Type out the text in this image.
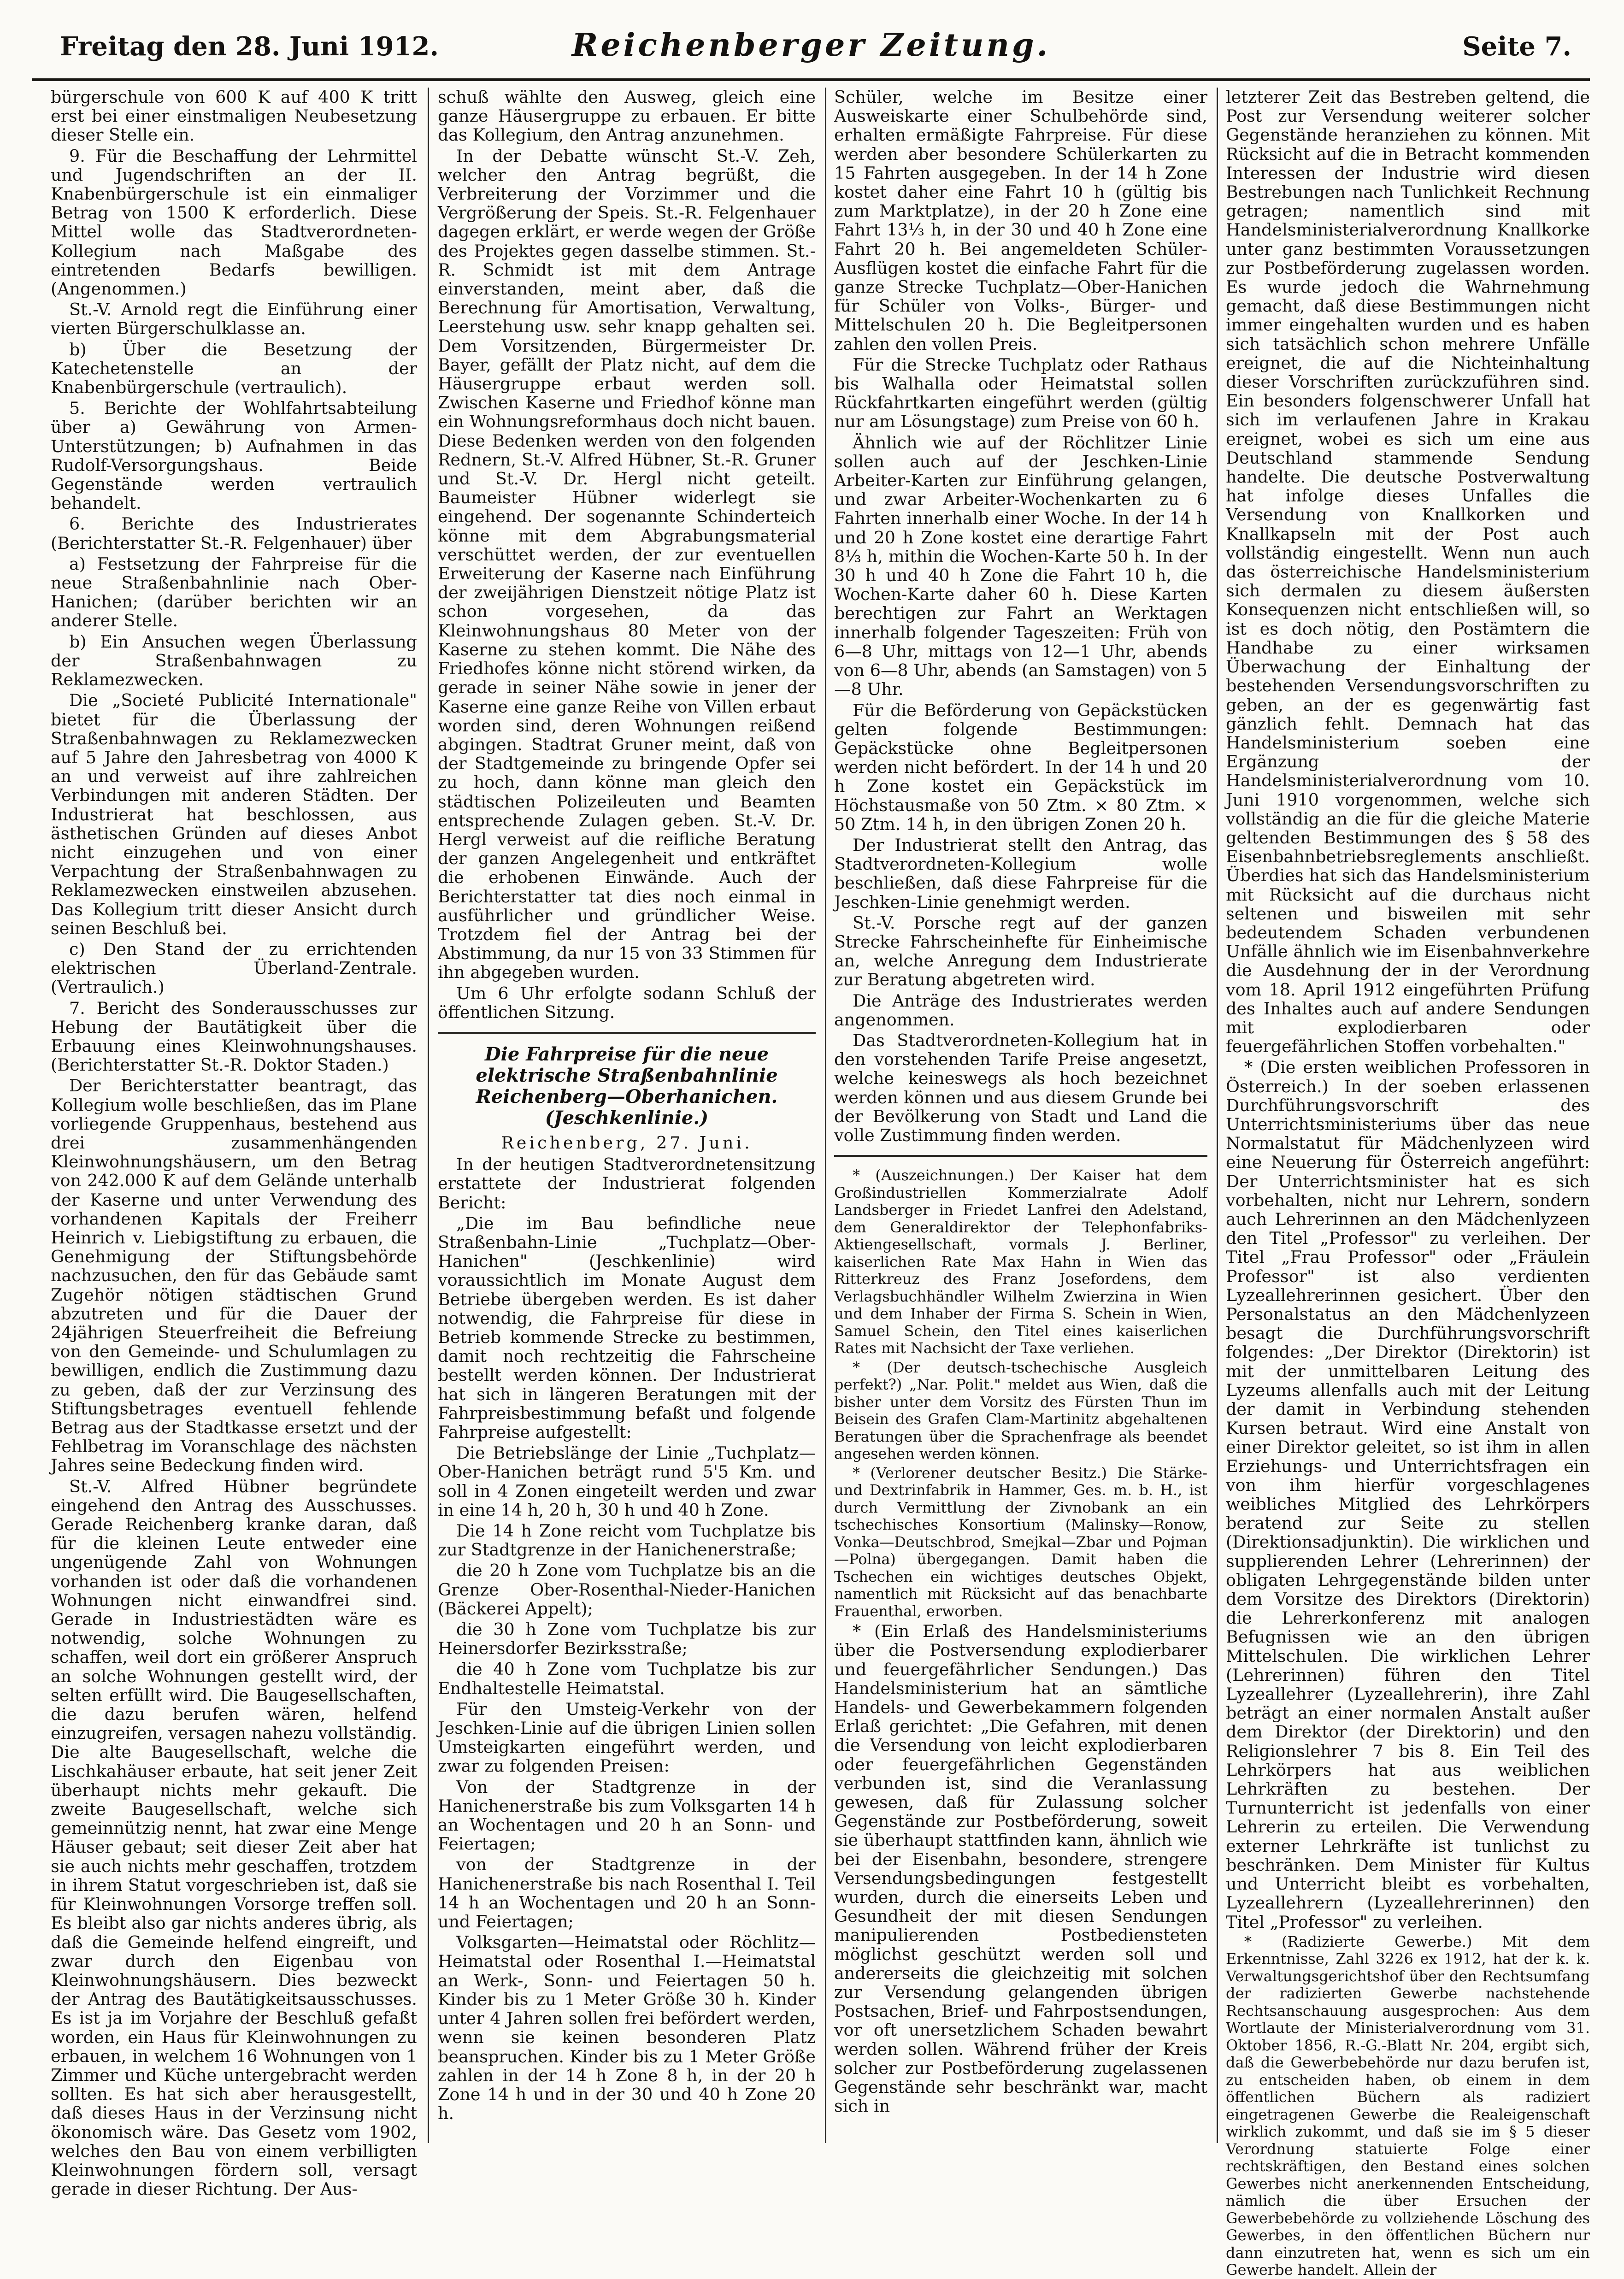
Freitag den 28. Juni 1912.	Reichenberger Zeitung.	Seite 7.

bürgerschule von 600 K auf 400 K tritt erst bei einer einstmaligen Neubesetzung dieser Stelle ein.

9. Für die Beschaffung der Lehrmittel und Jugendschriften an der II. Knabenbürgerschule ist ein einmaliger Betrag von 1500 K erforderlich. Diese Mittel wolle das Stadtverordneten-Kollegium nach Maßgabe des eintretenden Bedarfs bewilligen. (Angenommen.)

St.-V. Arnold regt die Einführung einer vierten Bürgerschulklasse an.

b) Über die Besetzung der Katechetenstelle an der Knabenbürgerschule (vertraulich).

5. Berichte der Wohlfahrtsabteilung über a) Gewährung von Armen-Unterstützungen; b) Aufnahmen in das Rudolf-Versorgungshaus. Beide Gegenstände werden vertraulich behandelt.

6. Berichte des Industrierates (Berichterstatter St.-R. Felgenhauer) über

a) Festsetzung der Fahrpreise für die neue Straßenbahnlinie nach Ober-Hanichen; (darüber berichten wir an anderer Stelle.

b) Ein Ansuchen wegen Überlassung der Straßenbahnwagen zu Reklamezwecken.

Die „Societé Publicité Internationale" bietet für die Überlassung der Straßenbahnwagen zu Reklamezwecken auf 5 Jahre den Jahresbetrag von 4000 K an und verweist auf ihre zahlreichen Verbindungen mit anderen Städten. Der Industrierat hat beschlossen, aus ästhetischen Gründen auf dieses Anbot nicht einzugehen und von einer Verpachtung der Straßenbahnwagen zu Reklamezwecken einstweilen abzusehen. Das Kollegium tritt dieser Ansicht durch seinen Beschluß bei.

c) Den Stand der zu errichtenden elektrischen Überland-Zentrale. (Vertraulich.)

7. Bericht des Sonderausschusses zur Hebung der Bautätigkeit über die Erbauung eines Kleinwohnungshauses. (Berichterstatter St.-R. Doktor Staden.)

Der Berichterstatter beantragt, das Kollegium wolle beschließen, das im Plane vorliegende Gruppenhaus, bestehend aus drei zusammenhängenden Kleinwohnungshäusern, um den Betrag von 242.000 K auf dem Gelände unterhalb der Kaserne und unter Verwendung des vorhandenen Kapitals der Freiherr Heinrich v. Liebigstiftung zu erbauen, die Genehmigung der Stiftungsbehörde nachzusuchen, den für das Gebäude samt Zugehör nötigen städtischen Grund abzutreten und für die Dauer der 24jährigen Steuerfreiheit die Befreiung von den Gemeinde- und Schulumlagen zu bewilligen, endlich die Zustimmung dazu zu geben, daß der zur Verzinsung des Stiftungsbetrages eventuell fehlende Betrag aus der Stadtkasse ersetzt und der Fehlbetrag im Voranschlage des nächsten Jahres seine Bedeckung finden wird.

St.-V. Alfred Hübner begründete eingehend den Antrag des Ausschusses. Gerade Reichenberg kranke daran, daß für die kleinen Leute entweder eine ungenügende Zahl von Wohnungen vorhanden ist oder daß die vorhandenen Wohnungen nicht einwandfrei sind. Gerade in Industriestädten wäre es notwendig, solche Wohnungen zu schaffen, weil dort ein größerer Anspruch an solche Wohnungen gestellt wird, der selten erfüllt wird. Die Baugesellschaften, die dazu berufen wären, helfend einzugreifen, versagen nahezu vollständig. Die alte Baugesellschaft, welche die Lischkahäuser erbaute, hat seit jener Zeit überhaupt nichts mehr gekauft. Die zweite Baugesellschaft, welche sich gemeinnützig nennt, hat zwar eine Menge Häuser gebaut; seit dieser Zeit aber hat sie auch nichts mehr geschaffen, trotzdem in ihrem Statut vorgeschrieben ist, daß sie für Kleinwohnungen Vorsorge treffen soll. Es bleibt also gar nichts anderes übrig, als daß die Gemeinde helfend eingreift, und zwar durch den Eigenbau von Kleinwohnungshäusern. Dies bezweckt der Antrag des Bautätigkeitsausschusses. Es ist ja im Vorjahre der Beschluß gefaßt worden, ein Haus für Kleinwohnungen zu erbauen, in welchem 16 Wohnungen von 1 Zimmer und Küche untergebracht werden sollten. Es hat sich aber herausgestellt, daß dieses Haus in der Verzinsung nicht ökonomisch wäre. Das Gesetz vom 1902, welches den Bau von einem verbilligten Kleinwohnungen fördern soll, versagt gerade in dieser Richtung. Der Aus-

schuß wählte den Ausweg, gleich eine ganze Häusergruppe zu erbauen. Er bitte das Kollegium, den Antrag anzunehmen.

In der Debatte wünscht St.-V. Zeh, welcher den Antrag begrüßt, die Verbreiterung der Vorzimmer und die Vergrößerung der Speis. St.-R. Felgenhauer dagegen erklärt, er werde wegen der Größe des Projektes gegen dasselbe stimmen. St.-R. Schmidt ist mit dem Antrage einverstanden, meint aber, daß die Berechnung für Amortisation, Verwaltung, Leerstehung usw. sehr knapp gehalten sei. Dem Vorsitzenden, Bürgermeister Dr. Bayer, gefällt der Platz nicht, auf dem die Häusergruppe erbaut werden soll. Zwischen Kaserne und Friedhof könne man ein Wohnungsreformhaus doch nicht bauen. Diese Bedenken werden von den folgenden Rednern, St.-V. Alfred Hübner, St.-R. Gruner und St.-V. Dr. Hergl nicht geteilt. Baumeister Hübner widerlegt sie eingehend. Der sogenannte Schinderteich könne mit dem Abgrabungsmaterial verschüttet werden, der zur eventuellen Erweiterung der Kaserne nach Einführung der zweijährigen Dienstzeit nötige Platz ist schon vorgesehen, da das Kleinwohnungshaus 80 Meter von der Kaserne zu stehen kommt. Die Nähe des Friedhofes könne nicht störend wirken, da gerade in seiner Nähe sowie in jener der Kaserne eine ganze Reihe von Villen erbaut worden sind, deren Wohnungen reißend abgingen. Stadtrat Gruner meint, daß von der Stadtgemeinde zu bringende Opfer sei zu hoch, dann könne man gleich den städtischen Polizeileuten und Beamten entsprechende Zulagen geben. St.-V. Dr. Hergl verweist auf die reifliche Beratung der ganzen Angelegenheit und entkräftet die erhobenen Einwände. Auch der Berichterstatter tat dies noch einmal in ausführlicher und gründlicher Weise. Trotzdem fiel der Antrag bei der Abstimmung, da nur 15 von 33 Stimmen für ihn abgegeben wurden.

Um 6 Uhr erfolgte sodann Schluß der öffentlichen Sitzung.

Die Fahrpreise für die neue elektrische Straßenbahnlinie Reichenberg—Oberhanichen. (Jeschkenlinie.)

Reichenberg, 27. Juni.

In der heutigen Stadtverordnetensitzung erstattete der Industrierat folgenden Bericht:

„Die im Bau befindliche neue Straßenbahn-Linie „Tuchplatz—Ober-Hanichen" (Jeschkenlinie) wird voraussichtlich im Monate August dem Betriebe übergeben werden. Es ist daher notwendig, die Fahrpreise für diese in Betrieb kommende Strecke zu bestimmen, damit noch rechtzeitig die Fahrscheine bestellt werden können. Der Industrierat hat sich in längeren Beratungen mit der Fahrpreisbestimmung befaßt und folgende Fahrpreise aufgestellt:

Die Betriebslänge der Linie „Tuchplatz—Ober-Hanichen beträgt rund 5'5 Km. und soll in 4 Zonen eingeteilt werden und zwar in eine 14 h, 20 h, 30 h und 40 h Zone.

Die 14 h Zone reicht vom Tuchplatze bis zur Stadtgrenze in der Hanichenerstraße;

die 20 h Zone vom Tuchplatze bis an die Grenze Ober-Rosenthal-Nieder-Hanichen (Bäckerei Appelt);

die 30 h Zone vom Tuchplatze bis zur Heinersdorfer Bezirksstraße;

die 40 h Zone vom Tuchplatze bis zur Endhaltestelle Heimatstal.

Für den Umsteig-Verkehr von der Jeschken-Linie auf die übrigen Linien sollen Umsteigkarten eingeführt werden, und zwar zu folgenden Preisen:

Von der Stadtgrenze in der Hanichenerstraße bis zum Volksgarten 14 h an Wochentagen und 20 h an Sonn- und Feiertagen;

von der Stadtgrenze in der Hanichenerstraße bis nach Rosenthal I. Teil 14 h an Wochentagen und 20 h an Sonn- und Feiertagen;

Volksgarten—Heimatstal oder Röchlitz—Heimatstal oder Rosenthal I.—Heimatstal an Werk-, Sonn- und Feiertagen 50 h. Kinder bis zu 1 Meter Größe 30 h. Kinder unter 4 Jahren sollen frei befördert werden, wenn sie keinen besonderen Platz beanspruchen. Kinder bis zu 1 Meter Größe zahlen in der 14 h Zone 8 h, in der 20 h Zone 14 h und in der 30 und 40 h Zone 20 h.

Schüler, welche im Besitze einer Ausweiskarte einer Schulbehörde sind, erhalten ermäßigte Fahrpreise. Für diese werden aber besondere Schülerkarten zu 15 Fahrten ausgegeben. In der 14 h Zone kostet daher eine Fahrt 10 h (gültig bis zum Marktplatze), in der 20 h Zone eine Fahrt 13⅓ h, in der 30 und 40 h Zone eine Fahrt 20 h. Bei angemeldeten Schüler-Ausflügen kostet die einfache Fahrt für die ganze Strecke Tuchplatz—Ober-Hanichen für Schüler von Volks-, Bürger- und Mittelschulen 20 h. Die Begleitpersonen zahlen den vollen Preis.

Für die Strecke Tuchplatz oder Rathaus bis Walhalla oder Heimatstal sollen Rückfahrtkarten eingeführt werden (gültig nur am Lösungstage) zum Preise von 60 h.

Ähnlich wie auf der Röchlitzer Linie sollen auch auf der Jeschken-Linie Arbeiter-Karten zur Einführung gelangen, und zwar Arbeiter-Wochenkarten zu 6 Fahrten innerhalb einer Woche. In der 14 h und 20 h Zone kostet eine derartige Fahrt 8⅓ h, mithin die Wochen-Karte 50 h. In der 30 h und 40 h Zone die Fahrt 10 h, die Wochen-Karte daher 60 h. Diese Karten berechtigen zur Fahrt an Werktagen innerhalb folgender Tageszeiten: Früh von 6—8 Uhr, mittags von 12—1 Uhr, abends von 6—8 Uhr, abends (an Samstagen) von 5—8 Uhr.

Für die Beförderung von Gepäckstücken gelten folgende Bestimmungen: Gepäckstücke ohne Begleitpersonen werden nicht befördert. In der 14 h und 20 h Zone kostet ein Gepäckstück im Höchstausmaße von 50 Ztm. × 80 Ztm. × 50 Ztm. 14 h, in den übrigen Zonen 20 h.

Der Industrierat stellt den Antrag, das Stadtverordneten-Kollegium wolle beschließen, daß diese Fahrpreise für die Jeschken-Linie genehmigt werden.

St.-V. Porsche regt auf der ganzen Strecke Fahrscheinhefte für Einheimische an, welche Anregung dem Industrierate zur Beratung abgetreten wird.

Die Anträge des Industrierates werden angenommen.

Das Stadtverordneten-Kollegium hat in den vorstehenden Tarife Preise angesetzt, welche keineswegs als hoch bezeichnet werden können und aus diesem Grunde bei der Bevölkerung von Stadt und Land die volle Zustimmung finden werden.

* (Auszeichnungen.) Der Kaiser hat dem Großindustriellen Kommerzialrate Adolf Landsberger in Friedet Lanfrei den Adelstand, dem Generaldirektor der Telephonfabriks-Aktiengesellschaft, vormals J. Berliner, kaiserlichen Rate Max Hahn in Wien das Ritterkreuz des Franz Josefordens, dem Verlagsbuchhändler Wilhelm Zwierzina in Wien und dem Inhaber der Firma S. Schein in Wien, Samuel Schein, den Titel eines kaiserlichen Rates mit Nachsicht der Taxe verliehen.

* (Der deutsch-tschechische Ausgleich perfekt?) „Nar. Polit." meldet aus Wien, daß die bisher unter dem Vorsitz des Fürsten Thun im Beisein des Grafen Clam-Martinitz abgehaltenen Beratungen über die Sprachenfrage als beendet angesehen werden können.

* (Verlorener deutscher Besitz.) Die Stärke- und Dextrinfabrik in Hammer, Ges. m. b. H., ist durch Vermittlung der Zivnobank an ein tschechisches Konsortium (Malinsky—Ronow, Vonka—Deutschbrod, Smejkal—Zbar und Pojman—Polna) übergegangen. Damit haben die Tschechen ein wichtiges deutsches Objekt, namentlich mit Rücksicht auf das benachbarte Frauenthal, erworben.

* (Ein Erlaß des Handelsministeriums über die Postversendung explodierbarer und feuergefährlicher Sendungen.) Das Handelsministerium hat an sämtliche Handels- und Gewerbekammern folgenden Erlaß gerichtet: „Die Gefahren, mit denen die Versendung von leicht explodierbaren oder feuergefährlichen Gegenständen verbunden ist, sind die Veranlassung gewesen, daß für Zulassung solcher Gegenstände zur Postbeförderung, soweit sie überhaupt stattfinden kann, ähnlich wie bei der Eisenbahn, besondere, strengere Versendungsbedingungen festgestellt wurden, durch die einerseits Leben und Gesundheit der mit diesen Sendungen manipulierenden Postbediensteten möglichst geschützt werden soll und andererseits die gleichzeitig mit solchen zur Versendung gelangenden übrigen Postsachen, Brief- und Fahrpostsendungen, vor oft unersetzlichem Schaden bewahrt werden sollen. Während früher der Kreis solcher zur Postbeförderung zugelassenen Gegenstände sehr beschränkt war, macht sich in

letzterer Zeit das Bestreben geltend, die Post zur Versendung weiterer solcher Gegenstände heranziehen zu können. Mit Rücksicht auf die in Betracht kommenden Interessen der Industrie wird diesen Bestrebungen nach Tunlichkeit Rechnung getragen; namentlich sind mit Handelsministerialverordnung Knallkorke unter ganz bestimmten Voraussetzungen zur Postbeförderung zugelassen worden. Es wurde jedoch die Wahrnehmung gemacht, daß diese Bestimmungen nicht immer eingehalten wurden und es haben sich tatsächlich schon mehrere Unfälle ereignet, die auf die Nichteinhaltung dieser Vorschriften zurückzuführen sind. Ein besonders folgenschwerer Unfall hat sich im verlaufenen Jahre in Krakau ereignet, wobei es sich um eine aus Deutschland stammende Sendung handelte. Die deutsche Postverwaltung hat infolge dieses Unfalles die Versendung von Knallkorken und Knallkapseln mit der Post auch vollständig eingestellt. Wenn nun auch das österreichische Handelsministerium sich dermalen zu diesem äußersten Konsequenzen nicht entschließen will, so ist es doch nötig, den Postämtern die Handhabe zu einer wirksamen Überwachung der Einhaltung der bestehenden Versendungsvorschriften zu geben, an der es gegenwärtig fast gänzlich fehlt. Demnach hat das Handelsministerium soeben eine Ergänzung der Handelsministerialverordnung vom 10. Juni 1910 vorgenommen, welche sich vollständig an die für die gleiche Materie geltenden Bestimmungen des § 58 des Eisenbahnbetriebsreglements anschließt. Überdies hat sich das Handelsministerium mit Rücksicht auf die durchaus nicht seltenen und bisweilen mit sehr bedeutendem Schaden verbundenen Unfälle ähnlich wie im Eisenbahnverkehre die Ausdehnung der in der Verordnung vom 18. April 1912 eingeführten Prüfung des Inhaltes auch auf andere Sendungen mit explodierbaren oder feuergefährlichen Stoffen vorbehalten."

* (Die ersten weiblichen Professoren in Österreich.) In der soeben erlassenen Durchführungsvorschrift des Unterrichtsministeriums über das neue Normalstatut für Mädchenlyzeen wird eine Neuerung für Österreich angeführt: Der Unterrichtsminister hat es sich vorbehalten, nicht nur Lehrern, sondern auch Lehrerinnen an den Mädchenlyzeen den Titel „Professor" zu verleihen. Der Titel „Frau Professor" oder „Fräulein Professor" ist also verdienten Lyzeallehrerinnen gesichert. Über den Personalstatus an den Mädchenlyzeen besagt die Durchführungsvorschrift folgendes: „Der Direktor (Direktorin) ist mit der unmittelbaren Leitung des Lyzeums allenfalls auch mit der Leitung der damit in Verbindung stehenden Kursen betraut. Wird eine Anstalt von einer Direktor geleitet, so ist ihm in allen Erziehungs- und Unterrichtsfragen ein von ihm hierfür vorgeschlagenes weibliches Mitglied des Lehrkörpers beratend zur Seite zu stellen (Direktionsadjunktin). Die wirklichen und supplierenden Lehrer (Lehrerinnen) der obligaten Lehrgegenstände bilden unter dem Vorsitze des Direktors (Direktorin) die Lehrerkonferenz mit analogen Befugnissen wie an den übrigen Mittelschulen. Die wirklichen Lehrer (Lehrerinnen) führen den Titel Lyzeallehrer (Lyzeallehrerin), ihre Zahl beträgt an einer normalen Anstalt außer dem Direktor (der Direktorin) und den Religionslehrer 7 bis 8. Ein Teil des Lehrkörpers hat aus weiblichen Lehrkräften zu bestehen. Der Turnunterricht ist jedenfalls von einer Lehrerin zu erteilen. Die Verwendung externer Lehrkräfte ist tunlichst zu beschränken. Dem Minister für Kultus und Unterricht bleibt es vorbehalten, Lyzeallehrern (Lyzeallehrerinnen) den Titel „Professor" zu verleihen.

* (Radizierte Gewerbe.) Mit dem Erkenntnisse, Zahl 3226 ex 1912, hat der k. k. Verwaltungsgerichtshof über den Rechtsumfang der radizierten Gewerbe nachstehende Rechtsanschauung ausgesprochen: Aus dem Wortlaute der Ministerialverordnung vom 31. Oktober 1856, R.-G.-Blatt Nr. 204, ergibt sich, daß die Gewerbebehörde nur dazu berufen ist, zu entscheiden haben, ob einem in dem öffentlichen Büchern als radiziert eingetragenen Gewerbe die Realeigenschaft wirklich zukommt, und daß sie im § 5 dieser Verordnung statuierte Folge einer rechtskräftigen, den Bestand eines solchen Gewerbes nicht anerkennenden Entscheidung, nämlich die über Ersuchen der Gewerbebehörde zu vollziehende Löschung des Gewerbes, in den öffentlichen Büchern nur dann einzutreten hat, wenn es sich um ein Gewerbe handelt. Allein der
